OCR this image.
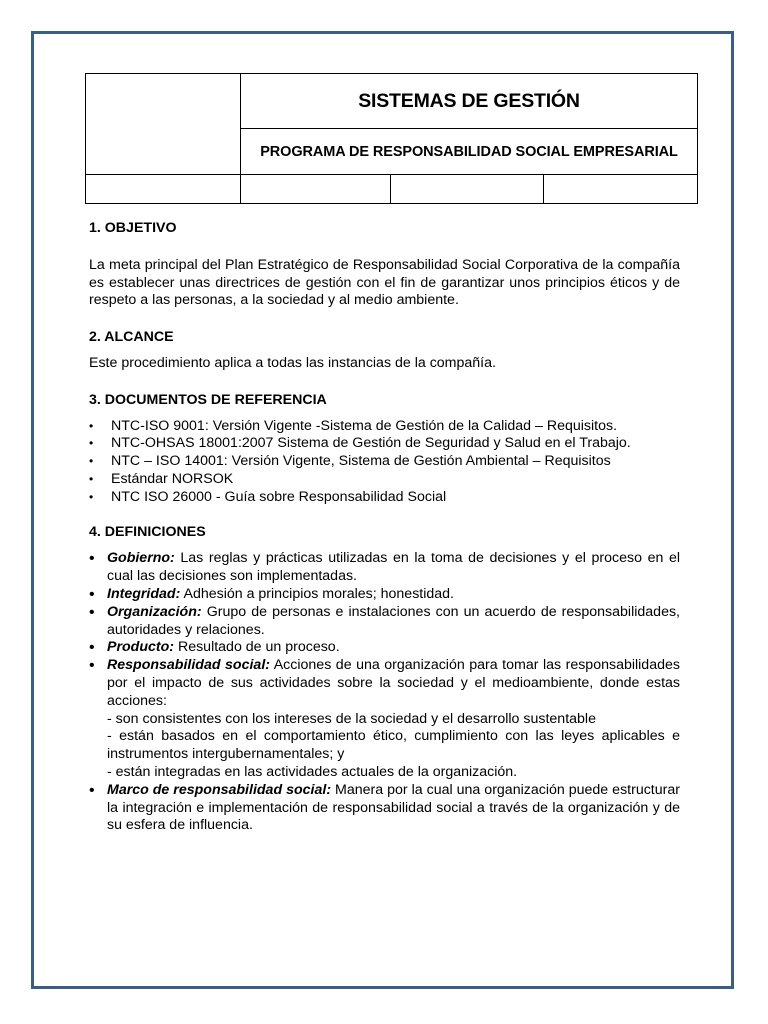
	SISTEMAS DE GESTIÓN		
	PROGRAMA DE RESPONSABILIDAD SOCIAL EMPRESARIAL		

1. OBJETIVO

La meta principal del Plan Estratégico de Responsabilidad Social Corporativa de la compañía es establecer unas directrices de gestión con el fin de garantizar unos principios éticos y de respeto a las personas, a la sociedad y al medio ambiente.

2. ALCANCE

Este procedimiento aplica a todas las instancias de la compañía.

3. DOCUMENTOS DE REFERENCIA
• NTC-ISO 9001: Versión Vigente -Sistema de Gestión de la Calidad – Requisitos.
• NTC-OHSAS 18001:2007 Sistema de Gestión de Seguridad y Salud en el Trabajo.
• NTC – ISO 14001: Versión Vigente, Sistema de Gestión Ambiental – Requisitos
• Estándar NORSOK
• NTC ISO 26000 - Guía sobre Responsabilidad Social
4. DEFINICIONES
• Gobierno: Las reglas y prácticas utilizadas en la toma de decisiones y el proceso en el cual las decisiones son implementadas.
• Integridad: Adhesión a principios morales; honestidad.
• Organización: Grupo de personas e instalaciones con un acuerdo de responsabilidades, autoridades y relaciones.
• Producto: Resultado de un proceso.
• Responsabilidad social: Acciones de una organización para tomar las responsabilidades por el impacto de sus actividades sobre la sociedad y el medioambiente, donde estas acciones:
- son consistentes con los intereses de la sociedad y el desarrollo sustentable
- están basados en el comportamiento ético, cumplimiento con las leyes aplicables e instrumentos intergubernamentales; y
- están integradas en las actividades actuales de la organización.
• Marco de responsabilidad social: Manera por la cual una organización puede estructurar la integración e implementación de responsabilidad social a través de la organización y de su esfera de influencia.
